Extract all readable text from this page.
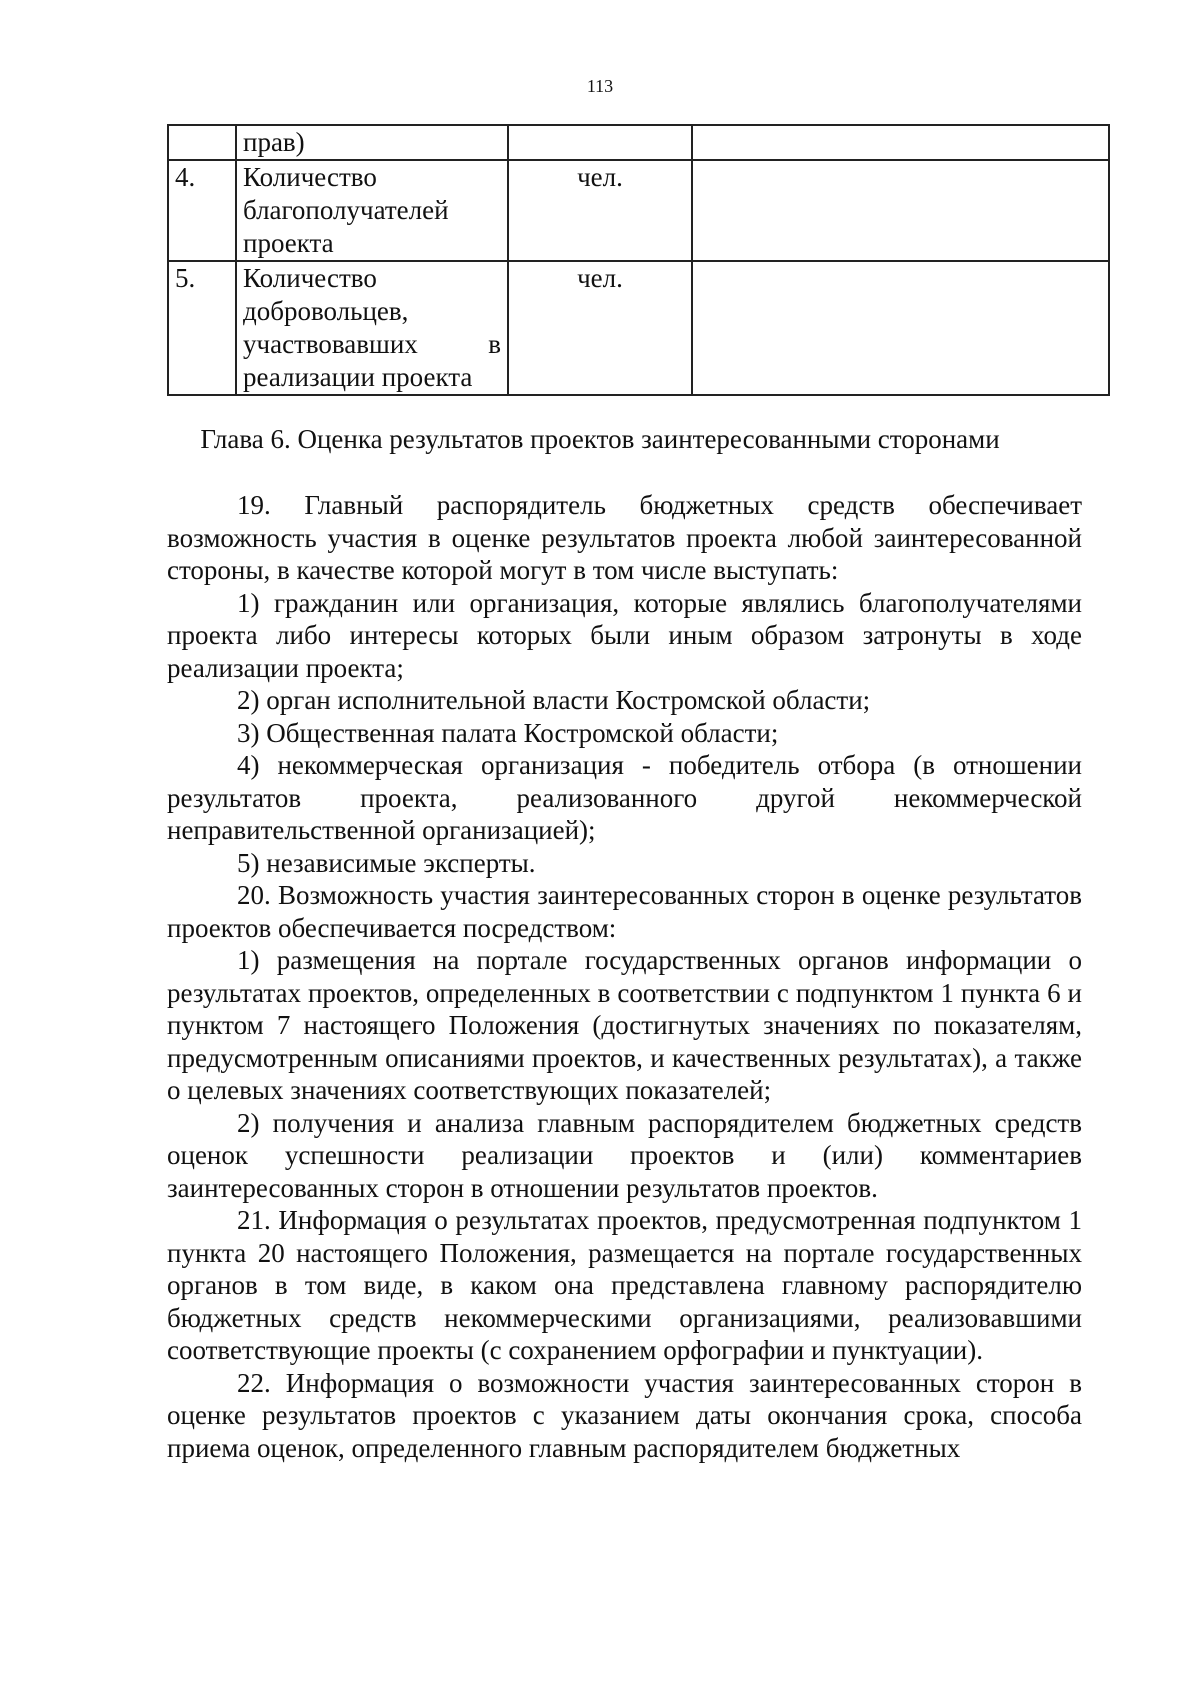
113
	прав)		
4.	Количество благополучателей проекта	чел.	
5.	Количество добровольцев, участвовавших в реализации проекта	чел.	
Глава 6. Оценка результатов проектов заинтересованными сторонами

19. Главный распорядитель бюджетных средств обеспечивает возможность участия в оценке результатов проекта любой заинтересованной стороны, в качестве которой могут в том числе выступать:

1) гражданин или организация, которые являлись благополучателями проекта либо интересы которых были иным образом затронуты в ходе реализации проекта;

2) орган исполнительной власти Костромской области;

3) Общественная палата Костромской области;

4) некоммерческая организация - победитель отбора (в отношении результатов проекта, реализованного другой некоммерческой неправительственной организацией);

5) независимые эксперты.

20. Возможность участия заинтересованных сторон в оценке результатов проектов обеспечивается посредством:

1) размещения на портале государственных органов информации о результатах проектов, определенных в соответствии с подпунктом 1 пункта 6 и пунктом 7 настоящего Положения (достигнутых значениях по показателям, предусмотренным описаниями проектов, и качественных результатах), а также о целевых значениях соответствующих показателей;

2) получения и анализа главным распорядителем бюджетных средств оценок успешности реализации проектов и (или) комментариев заинтересованных сторон в отношении результатов проектов.

21. Информация о результатах проектов, предусмотренная подпунктом 1 пункта 20 настоящего Положения, размещается на портале государственных органов в том виде, в каком она представлена главному распорядителю бюджетных средств некоммерческими организациями, реализовавшими соответствующие проекты (с сохранением орфографии и пунктуации).

22. Информация о возможности участия заинтересованных сторон в оценке результатов проектов с указанием даты окончания срока, способа приема оценок, определенного главным распорядителем бюджетных
